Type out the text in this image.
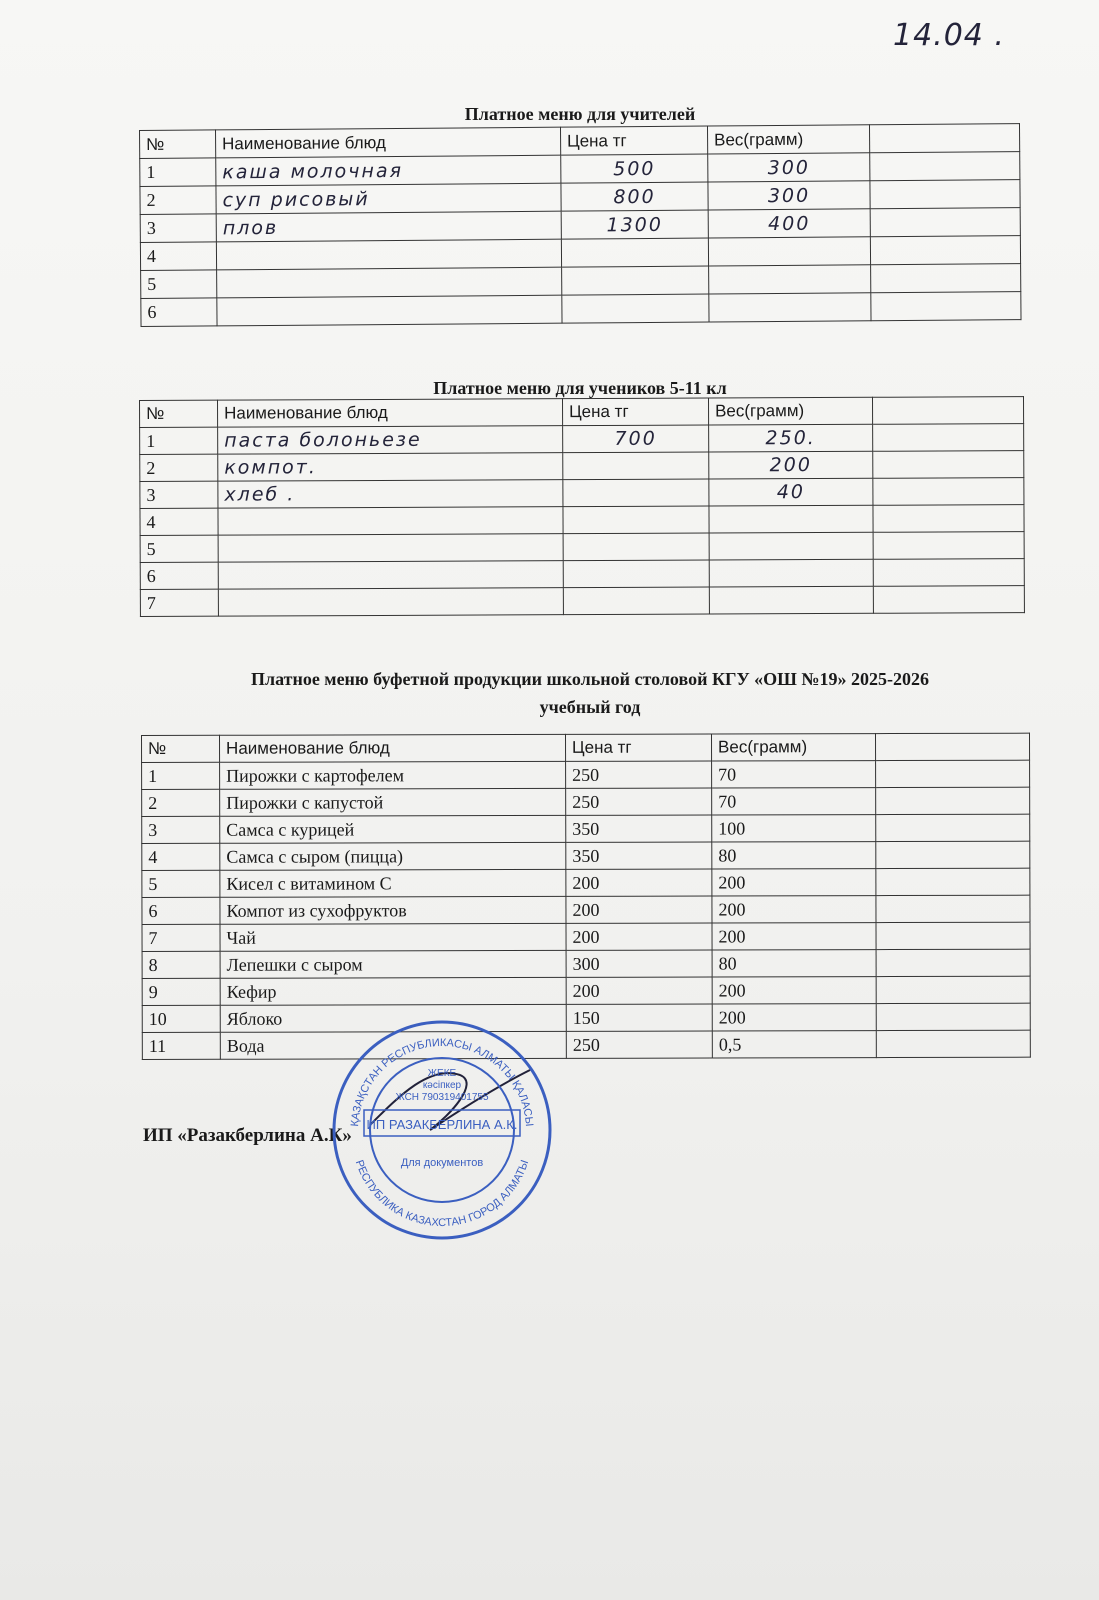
14.04 .
Платное меню для учителей
№	Наименование блюд	Цена тг	Вес(грамм)	
1	каша молочная	500	300	
2	суп рисовый	800	300	
3	плов	1300	400	
4				
5				
6				
Платное меню для учеников 5-11 кл
№	Наименование блюд	Цена тг	Вес(грамм)	
1	паста болоньезе	700	250.	
2	компот.		200	
3	хлеб .		40	
4				
5				
6				
7				
Платное меню буфетной продукции школьной столовой КГУ «ОШ №19» 2025-2026
учебный год
№	Наименование блюд	Цена тг	Вес(грамм)	
1	Пирожки с картофелем	250	70	
2	Пирожки с капустой	250	70	
3	Самса с курицей	350	100	
4	Самса с сыром (пицца)	350	80	
5	Кисел с витамином С	200	200	
6	Компот из сухофруктов	200	200	
7	Чай	200	200	
8	Лепешки с сыром	300	80	
9	Кефир	200	200	
10	Яблоко	150	200	
11	Вода	250	0,5	
ИП «Разакберлина А.К»
ҚАЗАҚСТАН РЕСПУБЛИКАСЫ АЛМАТЫ ҚАЛАСЫ
РЕСПУБЛИКА КАЗАХСТАН ГОРОД АЛМАТЫ
ЖЕКЕ
кәсіпкер
ЖСН 790319401755
ИП РАЗАКБЕРЛИНА А.К.
Для документов
